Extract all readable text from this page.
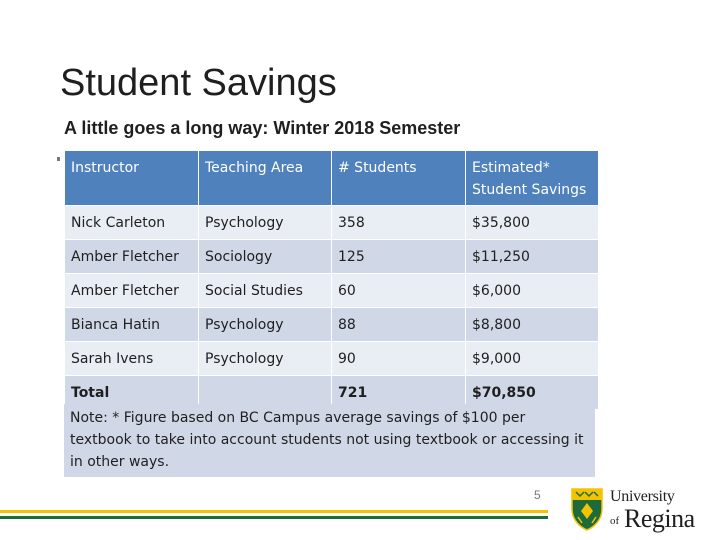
Student Savings
A little goes a long way: Winter 2018 Semester
Instructor	Teaching Area	# Students	Estimated* Student Savings
Nick Carleton	Psychology	358	$35,800
Amber Fletcher	Sociology	125	$11,250
Amber Fletcher	Social Studies	60	$6,000
Bianca Hatin	Psychology	88	$8,800
Sarah Ivens	Psychology	90	$9,000
Total		721	$70,850
Note: * Figure based on BC Campus average savings of $100 per textbook to take into account students not using textbook or accessing it in other ways.
5	University
of Regina
